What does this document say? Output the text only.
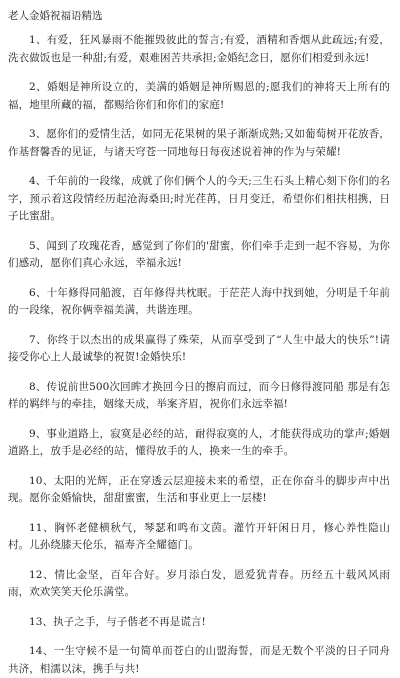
老人金婚祝福语精选
1、有爱，狂风暴雨不能摧毁彼此的誓言;有爱，酒精和香烟从此疏远;有爱，洗衣做饭也是一种甜;有爱，艰难困苦共承担;金婚纪念日，愿你们相爱到永远!
2、婚姻是神所设立的，美满的婚姻是神所赐恩的;愿我们的神将天上所有的福，地里所藏的福，都赐给你们和你们的家庭!
3、愿你们的爱情生活，如同无花果树的果子渐渐成熟;又如葡萄树开花放香，作基督馨香的见证，与诸天穹苍一同地每日每夜述说着神的作为与荣耀!
4、千年前的一段缘，成就了你们俩个人的今天;三生石头上精心刻下你们的名字，预示着这段情经历起沧海桑田;时光荏苒，日月变迁，希望你们相扶相携，日子比蜜甜。
5、闻到了玫瑰花香，感觉到了你们的'甜蜜，你们牵手走到一起不容易，为你们感动，愿你们真心永远，幸福永远!
6、十年修得同船渡，百年修得共枕眠。于茫茫人海中找到她，分明是千年前的一段缘，祝你俩幸福美满，共谐连理。
7、你终于以杰出的成果赢得了殊荣，从而享受到了“人生中最大的快乐”!请接受你心上人最诚挚的祝贺!金婚快乐!
8、传说前世500次回眸才换回今日的擦肩而过，而今日修得渡同船 那是有怎样的羁绊与的牵挂，姻缘天成，举案齐眉，祝你们永远幸福!
9、事业道路上，寂寞是必经的站，耐得寂寞的人，才能获得成功的掌声;婚姻道路上，放手是必经的站，懂得放手的人，换来一生的牵手。
10、太阳的光辉，正在穿透云层迎接未来的希望，正在你奋斗的脚步声中出现。愿你金婚愉快，甜甜蜜蜜，生活和事业更上一层楼!
11、胸怀老健横秋气，琴瑟和鸣布文茵。灌竹开轩闲日月，修心养性隐山村。儿孙绕膝天伦乐，福寿齐全耀德门。
12、情比金坚，百年合好。岁月添白发，恩爱犹青春。历经五十载风风雨雨，欢欢笑笑天伦乐满堂。
13、执子之手，与子偕老不再是谎言!
14、一生守候不是一句简单而苍白的山盟海誓，而是无数个平淡的日子同舟共济，相濡以沫，携手与共!
